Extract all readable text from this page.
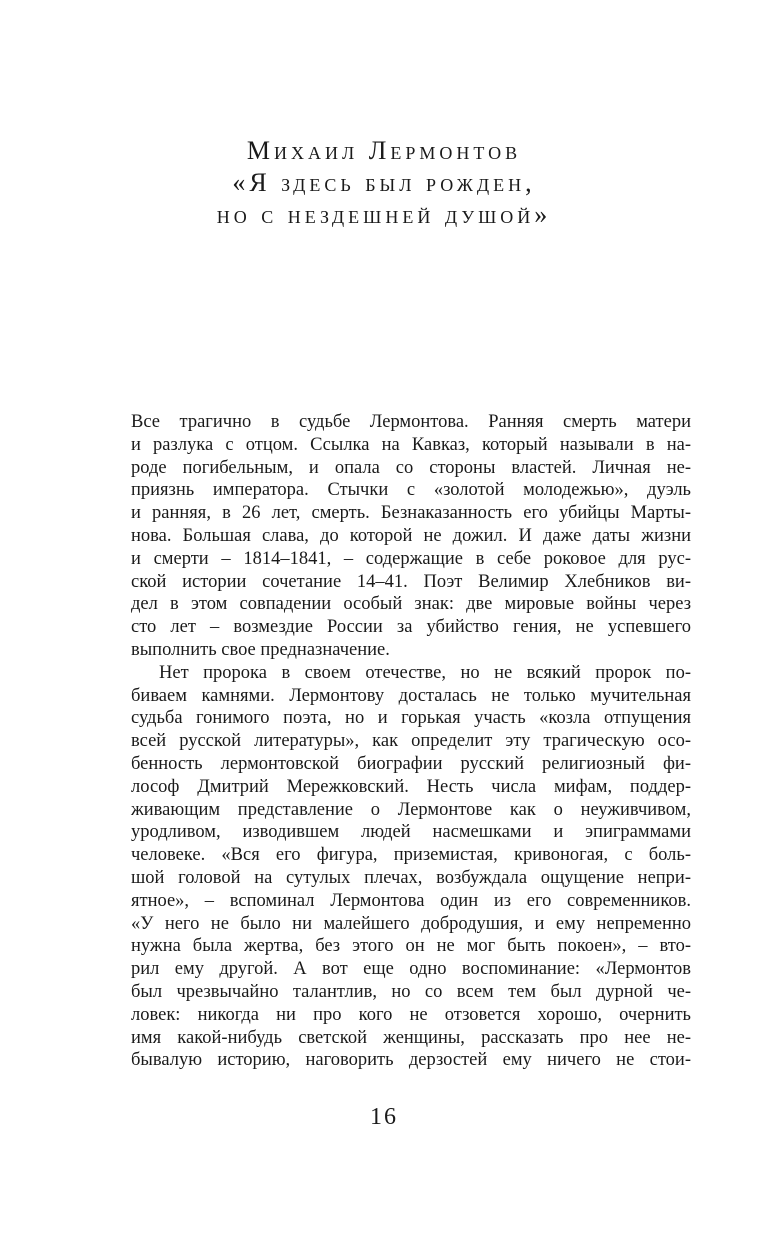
Михаил Лермонтов
«Я здесь был рожден,
но с нездешней душой»
Все трагично в судьбе Лермонтова. Ранняя смерть матери
и разлука с отцом. Ссылка на Кавказ, который называли в на-
роде погибельным, и опала со стороны властей. Личная не-
приязнь императора. Стычки с «золотой молодежью», дуэль
и ранняя, в 26 лет, смерть. Безнаказанность его убийцы Марты-
нова. Большая слава, до которой не дожил. И даже даты жизни
и смерти – 1814–1841, – содержащие в себе роковое для рус-
ской истории сочетание 14–41. Поэт Велимир Хлебников ви-
дел в этом совпадении особый знак: две мировые войны через
сто лет – возмездие России за убийство гения, не успевшего
выполнить свое предназначение.
Нет пророка в своем отечестве, но не всякий пророк по-
биваем камнями. Лермонтову досталась не только мучительная
судьба гонимого поэта, но и горькая участь «козла отпущения
всей русской литературы», как определит эту трагическую осо-
бенность лермонтовской биографии русский религиозный фи-
лософ Дмитрий Мережковский. Несть числа мифам, поддер-
живающим представление о Лермонтове как о неуживчивом,
уродливом, изводившем людей насмешками и эпиграммами
человеке. «Вся его фигура, приземистая, кривоногая, с боль-
шой головой на сутулых плечах, возбуждала ощущение непри-
ятное», – вспоминал Лермонтова один из его современников.
«У него не было ни малейшего добродушия, и ему непременно
нужна была жертва, без этого он не мог быть покоен», – вто-
рил ему другой. А вот еще одно воспоминание: «Лермонтов
был чрезвычайно талантлив, но со всем тем был дурной че-
ловек: никогда ни про кого не отзовется хорошо, очернить
имя какой-нибудь светской женщины, рассказать про нее не-
бывалую историю, наговорить дерзостей ему ничего не стои-
16
